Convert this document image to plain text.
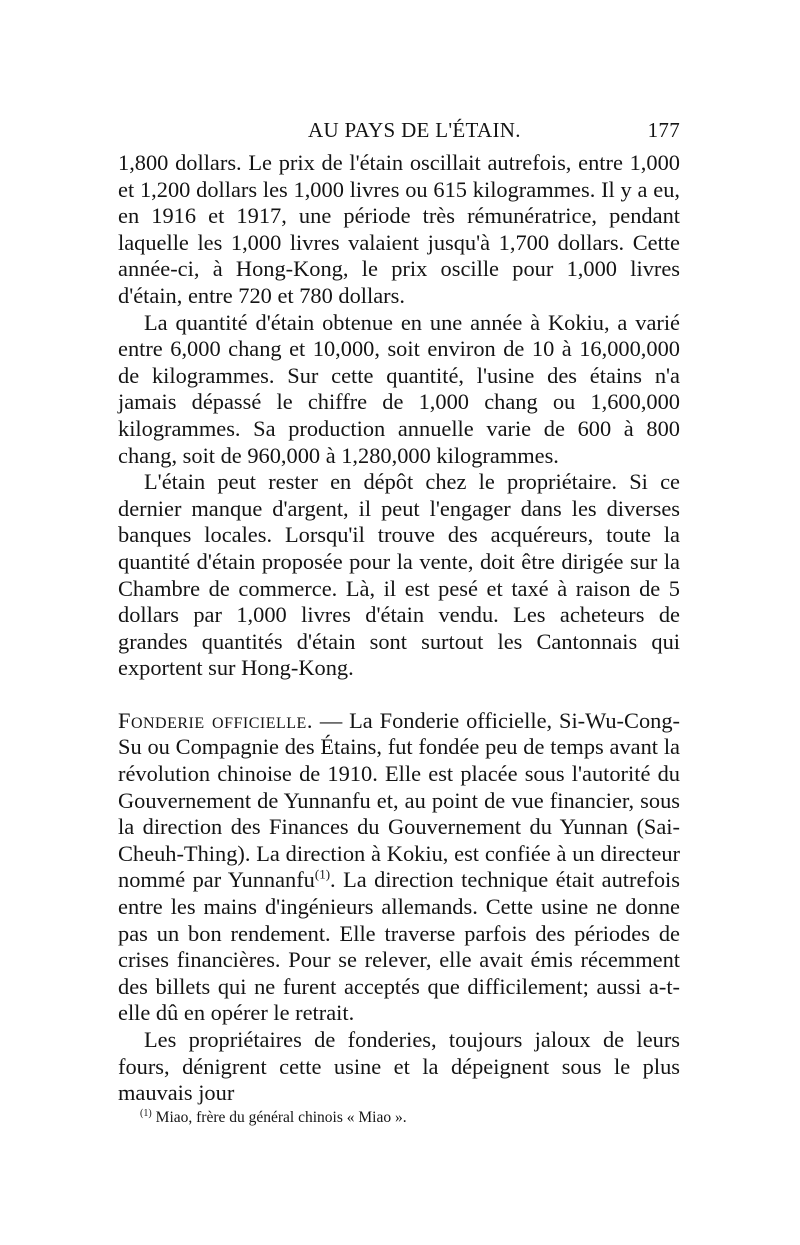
AU PAYS DE L'ÉTAIN.	177

1,800 dollars. Le prix de l'étain oscillait autrefois, entre 1,000 et 1,200 dollars les 1,000 livres ou 615 kilogrammes. Il y a eu, en 1916 et 1917, une période très rémunératrice, pendant laquelle les 1,000 livres valaient jusqu'à 1,700 dollars. Cette année-ci, à Hong-Kong, le prix oscille pour 1,000 livres d'étain, entre 720 et 780 dollars.

La quantité d'étain obtenue en une année à Kokiu, a varié entre 6,000 chang et 10,000, soit environ de 10 à 16,000,000 de kilogrammes. Sur cette quantité, l'usine des étains n'a jamais dépassé le chiffre de 1,000 chang ou 1,600,000 kilogrammes. Sa production annuelle varie de 600 à 800 chang, soit de 960,000 à 1,280,000 kilogrammes.

L'étain peut rester en dépôt chez le propriétaire. Si ce dernier manque d'argent, il peut l'engager dans les diverses banques locales. Lorsqu'il trouve des acquéreurs, toute la quantité d'étain proposée pour la vente, doit être dirigée sur la Chambre de commerce. Là, il est pesé et taxé à raison de 5 dollars par 1,000 livres d'étain vendu. Les acheteurs de grandes quantités d'étain sont surtout les Cantonnais qui exportent sur Hong-Kong.

Fonderie officielle. — La Fonderie officielle, Si-Wu-Cong-Su ou Compagnie des Étains, fut fondée peu de temps avant la révolution chinoise de 1910. Elle est placée sous l'autorité du Gouvernement de Yunnanfu et, au point de vue financier, sous la direction des Finances du Gouvernement du Yunnan (Sai-Cheuh-Thing). La direction à Kokiu, est confiée à un directeur nommé par Yunnanfu$^{(1)}$. La direction technique était autrefois entre les mains d'ingénieurs allemands. Cette usine ne donne pas un bon rendement. Elle traverse parfois des périodes de crises financières. Pour se relever, elle avait émis récemment des billets qui ne furent acceptés que difficilement; aussi a-t-elle dû en opérer le retrait.

Les propriétaires de fonderies, toujours jaloux de leurs fours, dénigrent cette usine et la dépeignent sous le plus mauvais jour

$^{(1)}$ Miao, frère du général chinois « Miao ».
